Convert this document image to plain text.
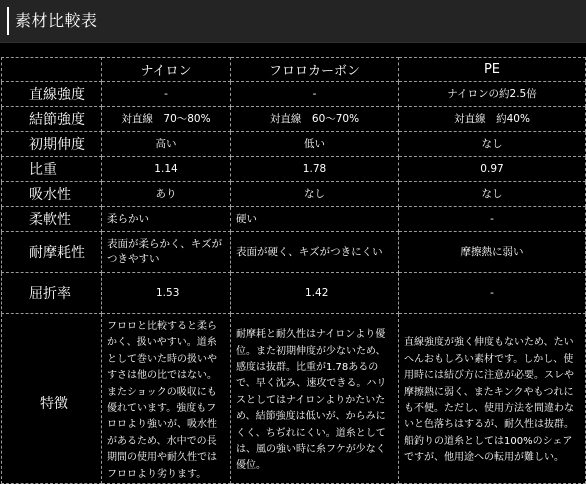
素材比較表
	ナイロン	フロロカーボン	PE
直線強度	-	-	ナイロンの約2.5倍
結節強度	対直線　70～80%	対直線　60～70%	対直線　約40%
初期伸度	高い	低い	なし
比重	1.14	1.78	0.97
吸水性	あり	なし	なし
柔軟性	柔らかい	硬い	-
耐摩耗性	表面が柔らかく、キズがつきやすい	表面が硬く、キズがつきにくい	摩擦熱に弱い
屈折率	1.53	1.42	-
特徴	フロロと比較すると柔らかく、扱いやすい。道糸として巻いた時の扱いやすさは他の比ではない。またショックの吸収にも優れています。強度もフロロより強いが、吸水性があるため、水中での長期間の使用や耐久性ではフロロより劣ります。	耐摩耗と耐久性はナイロンより優位。また初期伸度が少ないため、感度は抜群。比重が1.78あるので、早く沈み、速攻できる。ハリスとしてはナイロンよりかたいため、結節強度は低いが、からみにくく、ちぢれにくい。道糸としては、風の強い時に糸フケが少なく優位。	直線強度が強く伸度もないため、たいへんおもしろい素材です。しかし、使用時には結び方に注意が必要。スレや摩擦熱に弱く、またキンクやもつれにも不便。ただし、使用方法を間違わないと色落ちはするが、耐久性は抜群。船釣りの道糸としては100%のシェアですが、他用途への転用が難しい。
